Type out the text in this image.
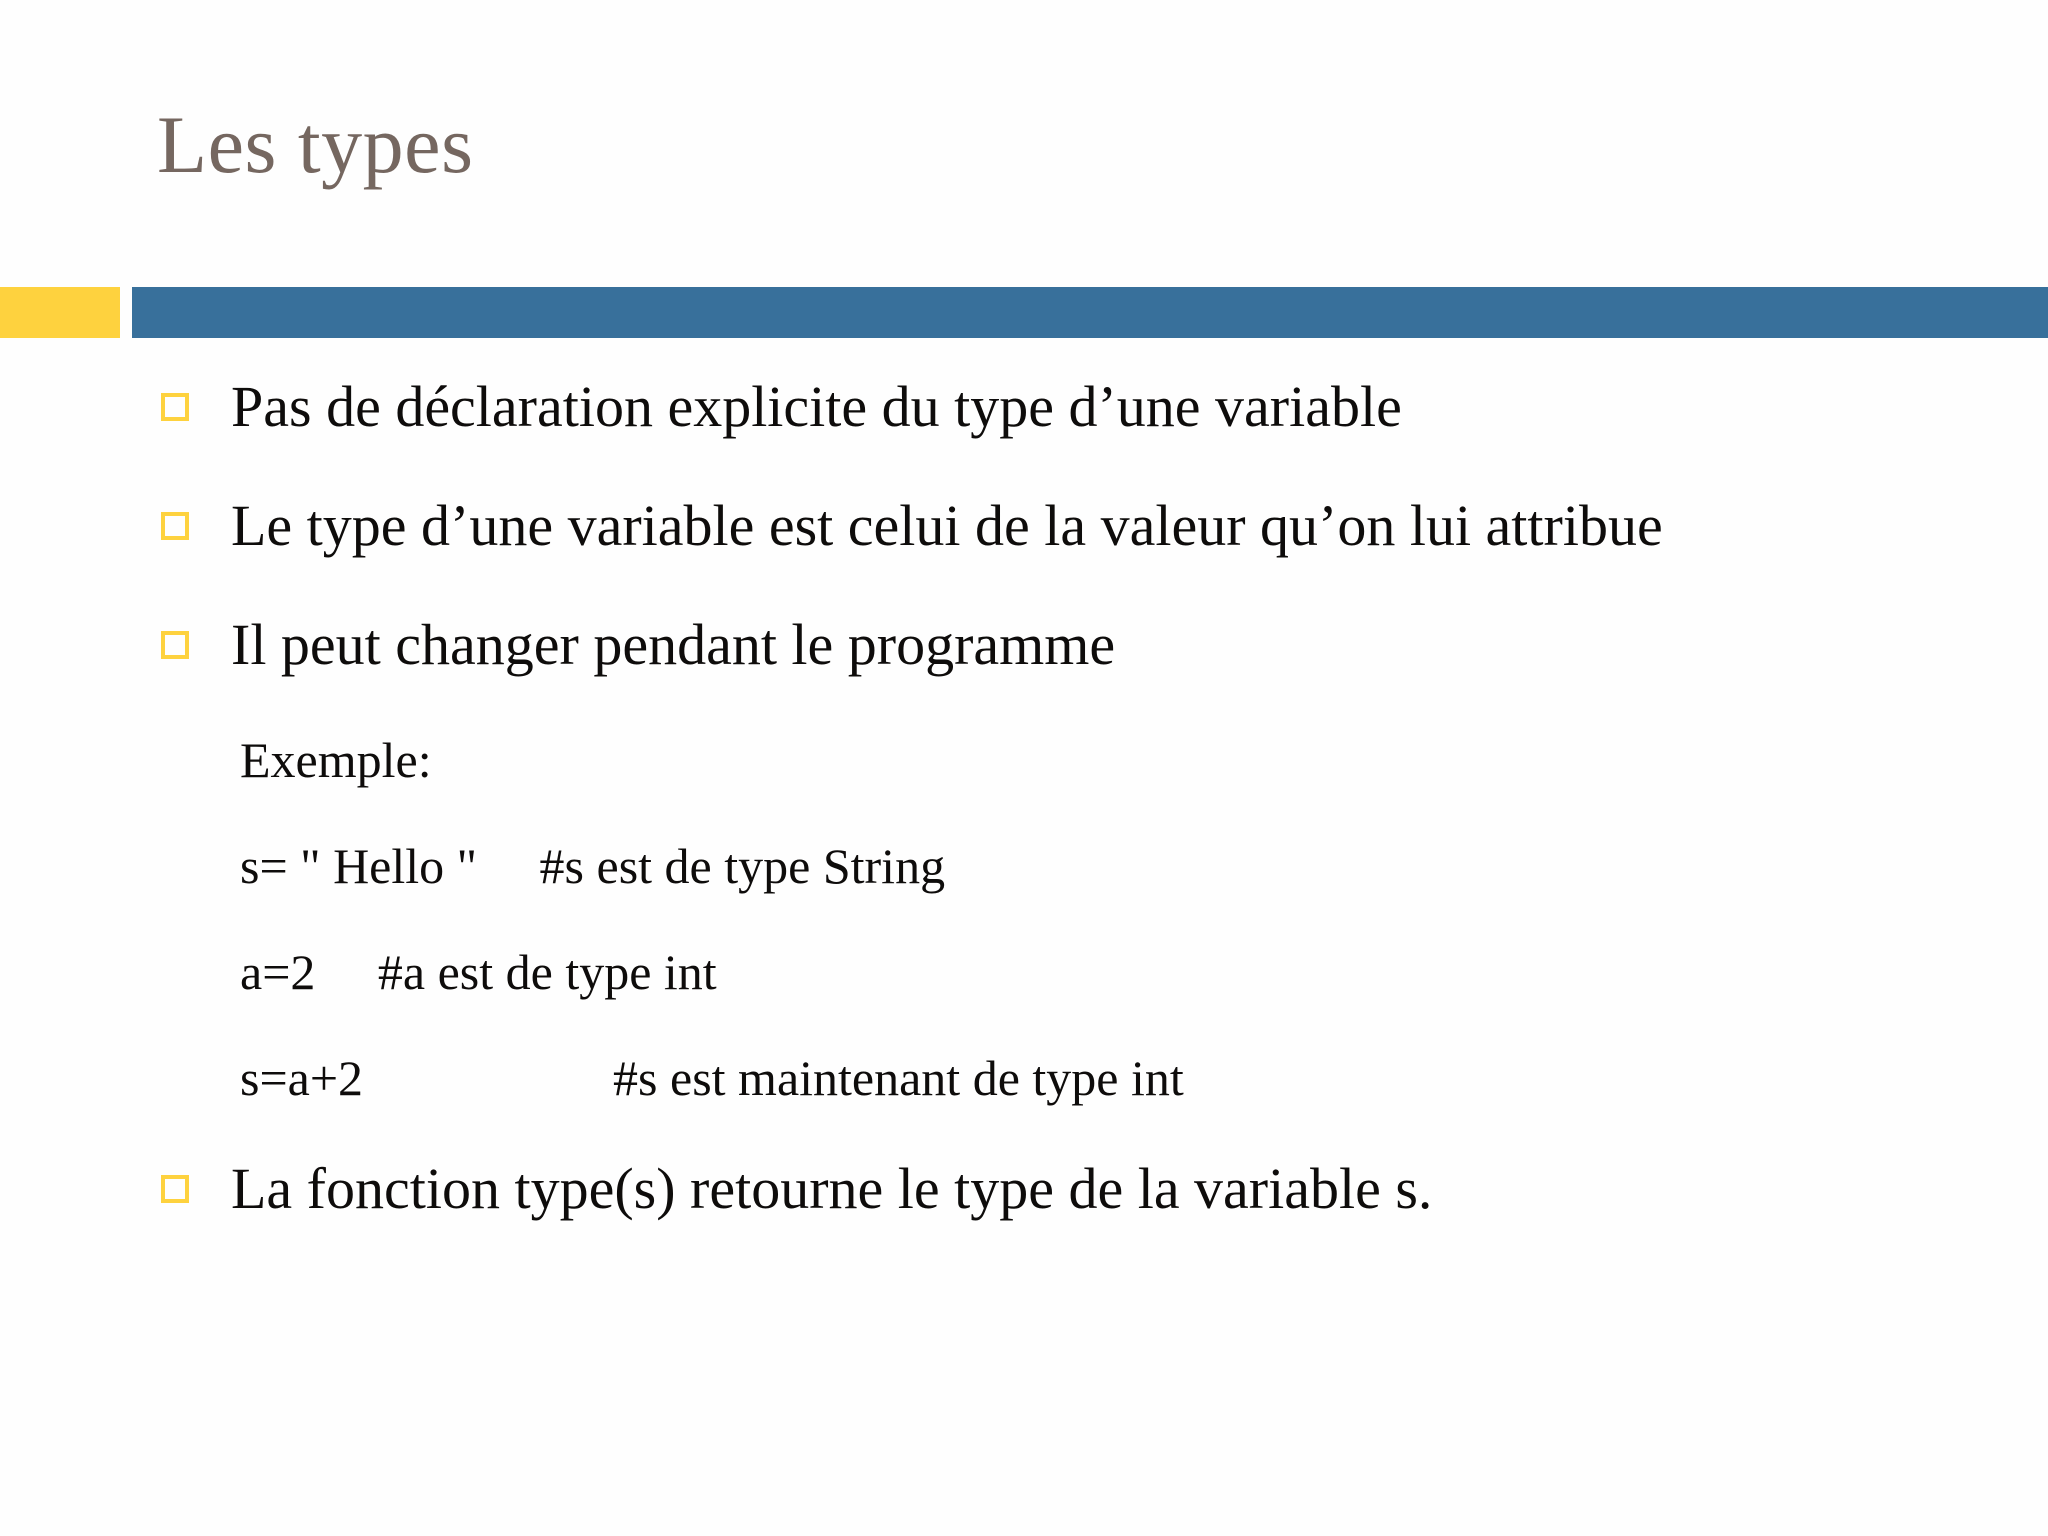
Les types
Pas de déclaration explicite du type d’une variable
Le type d’une variable est celui de la valeur qu’on lui attribue
Il peut changer pendant le programme
Exemple:
s= " Hello "     #s est de type String
a=2     #a est de type int
s=a+2                    #s est maintenant de type int
La fonction type(s) retourne le type de la variable s.
